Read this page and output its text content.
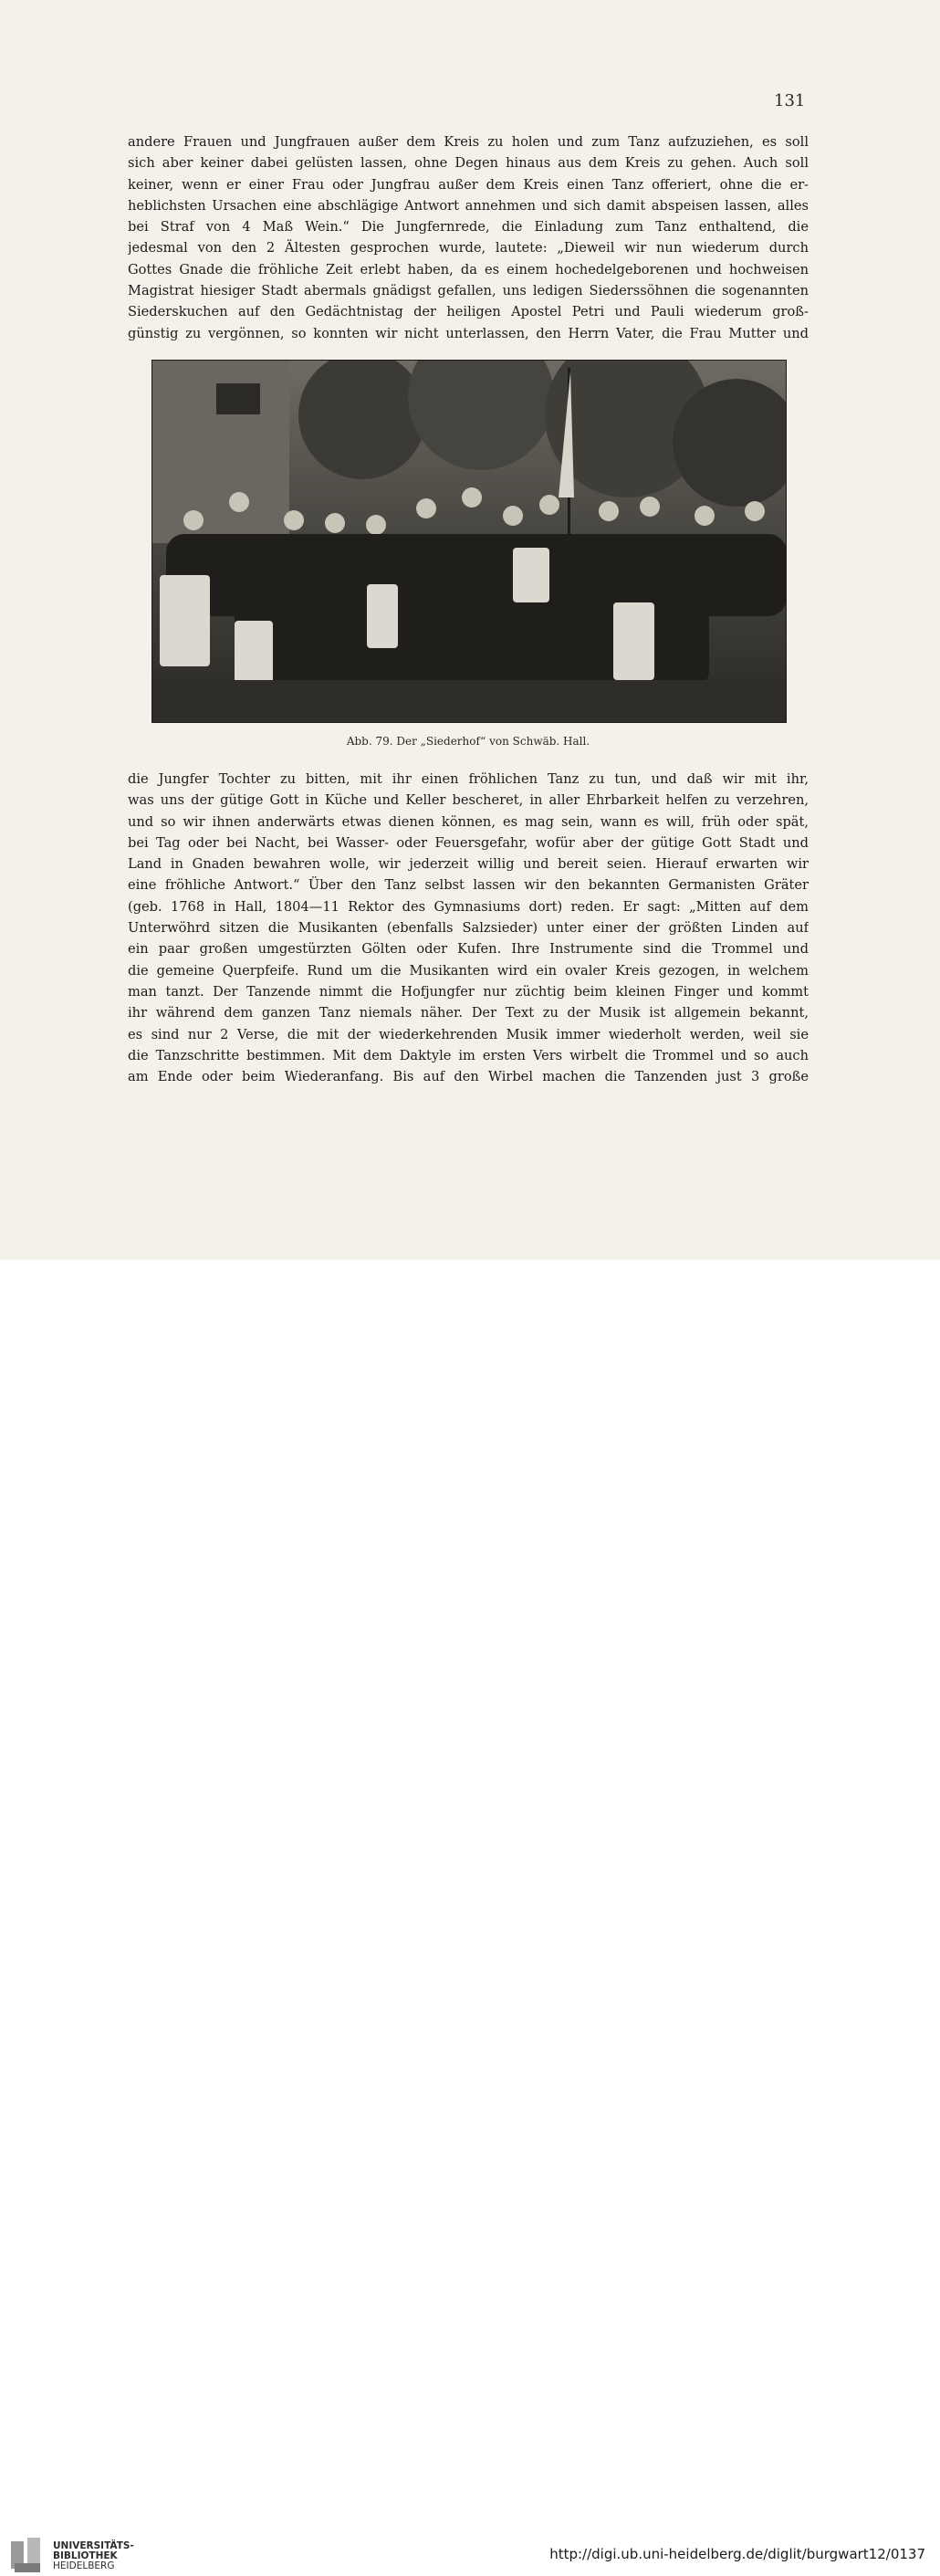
131
andere Frauen und Jungfrauen außer dem Kreis zu holen und zum Tanz aufzuziehen, es soll
sich aber keiner dabei gelüsten lassen, ohne Degen hinaus aus dem Kreis zu gehen. Auch soll
keiner, wenn er einer Frau oder Jungfrau außer dem Kreis einen Tanz offeriert, ohne die er-
heblichsten Ursachen eine abschlägige Antwort annehmen und sich damit abspeisen lassen, alles
bei Straf von 4 Maß Wein.“ Die Jungfernrede, die Einladung zum Tanz enthaltend, die
jedesmal von den 2 Ältesten gesprochen wurde, lautete: „Dieweil wir nun wiederum durch
Gottes Gnade die fröhliche Zeit erlebt haben, da es einem hochedelgeborenen und hochweisen
Magistrat hiesiger Stadt abermals gnädigst gefallen, uns ledigen Siederssöhnen die sogenannten
Siederskuchen auf den Gedächtnistag der heiligen Apostel Petri und Pauli wiederum groß-
günstig zu vergönnen, so konnten wir nicht unterlassen, den Herrn Vater, die Frau Mutter und
Abb. 79. Der „Siederhof“ von Schwäb. Hall.
die Jungfer Tochter zu bitten, mit ihr einen fröhlichen Tanz zu tun, und daß wir mit ihr,
was uns der gütige Gott in Küche und Keller bescheret, in aller Ehrbarkeit helfen zu verzehren,
und so wir ihnen anderwärts etwas dienen können, es mag sein, wann es will, früh oder spät,
bei Tag oder bei Nacht, bei Wasser- oder Feuersgefahr, wofür aber der gütige Gott Stadt und
Land in Gnaden bewahren wolle, wir jederzeit willig und bereit seien. Hierauf erwarten wir
eine fröhliche Antwort.“ Über den Tanz selbst lassen wir den bekannten Germanisten Gräter
(geb. 1768 in Hall, 1804—11 Rektor des Gymnasiums dort) reden. Er sagt: „Mitten auf dem
Unterwöhrd sitzen die Musikanten (ebenfalls Salzsieder) unter einer der größten Linden auf
ein paar großen umgestürzten Gölten oder Kufen. Ihre Instrumente sind die Trommel und
die gemeine Querpfeife. Rund um die Musikanten wird ein ovaler Kreis gezogen, in welchem
man tanzt. Der Tanzende nimmt die Hofjungfer nur züchtig beim kleinen Finger und kommt
ihr während dem ganzen Tanz niemals näher. Der Text zu der Musik ist allgemein bekannt,
es sind nur 2 Verse, die mit der wiederkehrenden Musik immer wiederholt werden, weil sie
die Tanzschritte bestimmen. Mit dem Daktyle im ersten Vers wirbelt die Trommel und so auch
am Ende oder beim Wiederanfang. Bis auf den Wirbel machen die Tanzenden just 3 große
UNIVERSITÄTS-
BIBLIOTHEK
HEIDELBERG
http://digi.ub.uni-heidelberg.de/diglit/burgwart12/0137
